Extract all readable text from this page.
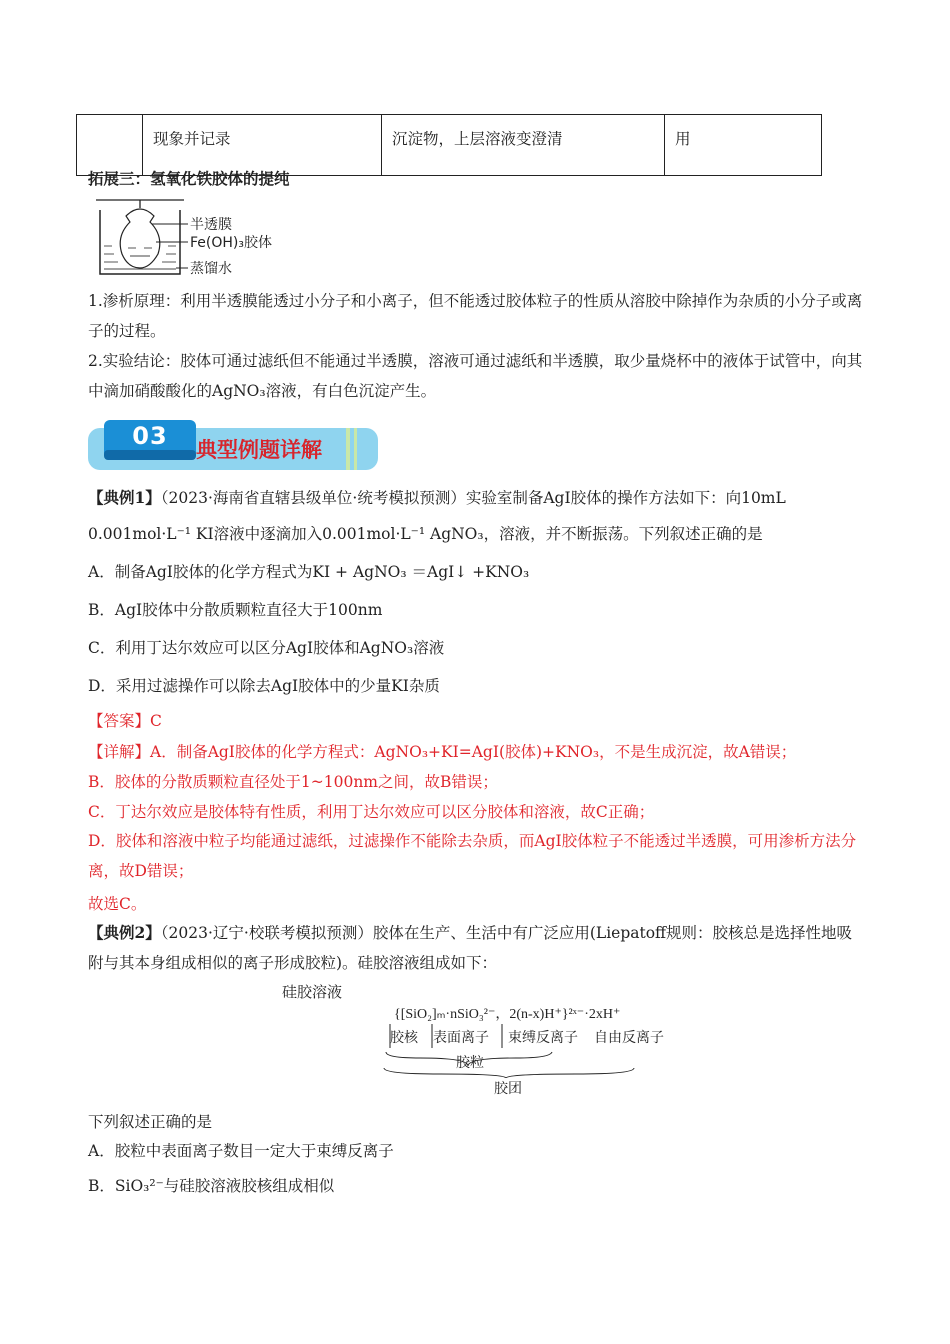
	现象并记录	沉淀物，上层溶液变澄清	用
拓展三：氢氧化铁胶体的提纯
半透膜
Fe(OH)₃胶体
蒸馏水
1.渗析原理：利用半透膜能透过小分子和小离子，但不能透过胶体粒子的性质从溶胶中除掉作为杂质的小分子或离子的过程。
2.实验结论：胶体可通过滤纸但不能通过半透膜，溶液可通过滤纸和半透膜，取少量烧杯中的液体于试管中，向其中滴加硝酸酸化的AgNO₃溶液，有白色沉淀产生。
03	典型例题详解
【典例1】（2023·海南省直辖县级单位·统考模拟预测）实验室制备AgI胶体的操作方法如下：向10mL
0.001mol·L⁻¹ KI溶液中逐滴加入0.001mol·L⁻¹ AgNO₃，溶液，并不断振荡。下列叙述正确的是
A．制备AgI胶体的化学方程式为KI + AgNO₃ ＝AgI↓ +KNO₃
B．AgI胶体中分散质颗粒直径大于100nm
C．利用丁达尔效应可以区分AgI胶体和AgNO₃溶液
D．采用过滤操作可以除去AgI胶体中的少量KI杂质
【答案】C
【详解】A．制备AgI胶体的化学方程式：AgNO₃+KI=AgI(胶体)+KNO₃，不是生成沉淀，故A错误；
B．胶体的分散质颗粒直径处于1~100nm之间，故B错误；
C．丁达尔效应是胶体特有性质，利用丁达尔效应可以区分胶体和溶液，故C正确；
D．胶体和溶液中粒子均能通过滤纸，过滤操作不能除去杂质，而AgI胶体粒子不能透过半透膜，可用渗析方法分离，故D错误；
故选C。
【典例2】（2023·辽宁·校联考模拟预测）胶体在生产、生活中有广泛应用(Liepatoff规则：胶核总是选择性地吸附与其本身组成相似的离子形成胶粒)。硅胶溶液组成如下：
硅胶溶液
{[SiO₂]ₘ·nSiO₃²⁻，2(n-x)H⁺}²ˣ⁻·2xH⁺
胶核 表面离子 束缚反离子 自由反离子
胶粒
胶团
下列叙述正确的是
A．胶粒中表面离子数目一定大于束缚反离子
B．SiO₃²⁻与硅胶溶液胶核组成相似
